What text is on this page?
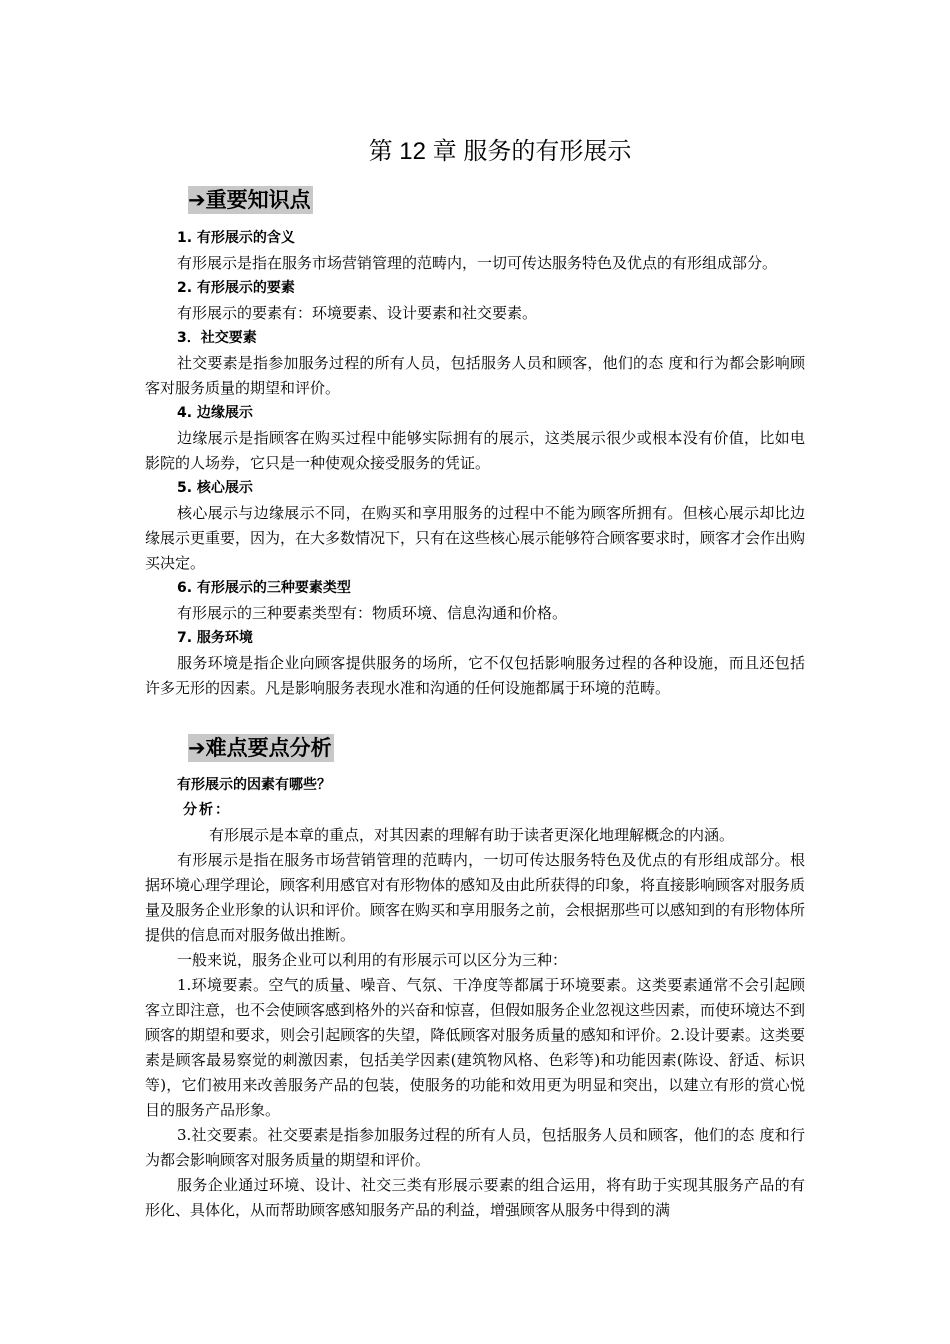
第 12 章 服务的有形展示
➔重要知识点
1. 有形展示的含义

有形展示是指在服务市场营销管理的范畴内，一切可传达服务特色及优点的有形组成部分。

2. 有形展示的要素

有形展示的要素有：环境要素、设计要素和社交要素。

3．社交要素

社交要素是指参加服务过程的所有人员，包括服务人员和顾客，他们的态 度和行为都会影响顾客对服务质量的期望和评价。

4. 边缘展示

边缘展示是指顾客在购买过程中能够实际拥有的展示，这类展示很少或根本没有价值，比如电影院的人场券，它只是一种使观众接受服务的凭证。

5. 核心展示

核心展示与边缘展示不同，在购买和享用服务的过程中不能为顾客所拥有。但核心展示却比边缘展示更重要，因为，在大多数情况下，只有在这些核心展示能够符合顾客要求时，顾客才会作出购买决定。

6. 有形展示的三种要素类型

有形展示的三种要素类型有：物质环境、信息沟通和价格。

7. 服务环境

服务环境是指企业向顾客提供服务的场所，它不仅包括影响服务过程的各种设施，而且还包括许多无形的因素。凡是影响服务表现水准和沟通的任何设施都属于环境的范畴。

➔难点要点分析
有形展示的因素有哪些？
分析：

有形展示是本章的重点，对其因素的理解有助于读者更深化地理解概念的内涵。

有形展示是指在服务市场营销管理的范畴内，一切可传达服务特色及优点的有形组成部分。根据环境心理学理论，顾客利用感官对有形物体的感知及由此所获得的印象，将直接影响顾客对服务质量及服务企业形象的认识和评价。顾客在购买和享用服务之前，会根据那些可以感知到的有形物体所提供的信息而对服务做出推断。

一般来说，服务企业可以利用的有形展示可以区分为三种：

1.环境要素。空气的质量、噪音、气氛、干净度等都属于环境要素。这类要素通常不会引起顾客立即注意，也不会使顾客感到格外的兴奋和惊喜，但假如服务企业忽视这些因素，而使环境达不到顾客的期望和要求，则会引起顾客的失望，降低顾客对服务质量的感知和评价。2.设计要素。这类要素是顾客最易察觉的刺激因素，包括美学因素(建筑物风格、色彩等)和功能因素(陈设、舒适、标识等)，它们被用来改善服务产品的包装，使服务的功能和效用更为明显和突出，以建立有形的赏心悦目的服务产品形象。

3.社交要素。社交要素是指参加服务过程的所有人员，包括服务人员和顾客，他们的态 度和行为都会影响顾客对服务质量的期望和评价。

服务企业通过环境、设计、社交三类有形展示要素的组合运用，将有助于实现其服务产品的有形化、具体化，从而帮助顾客感知服务产品的利益，增强顾客从服务中得到的满
